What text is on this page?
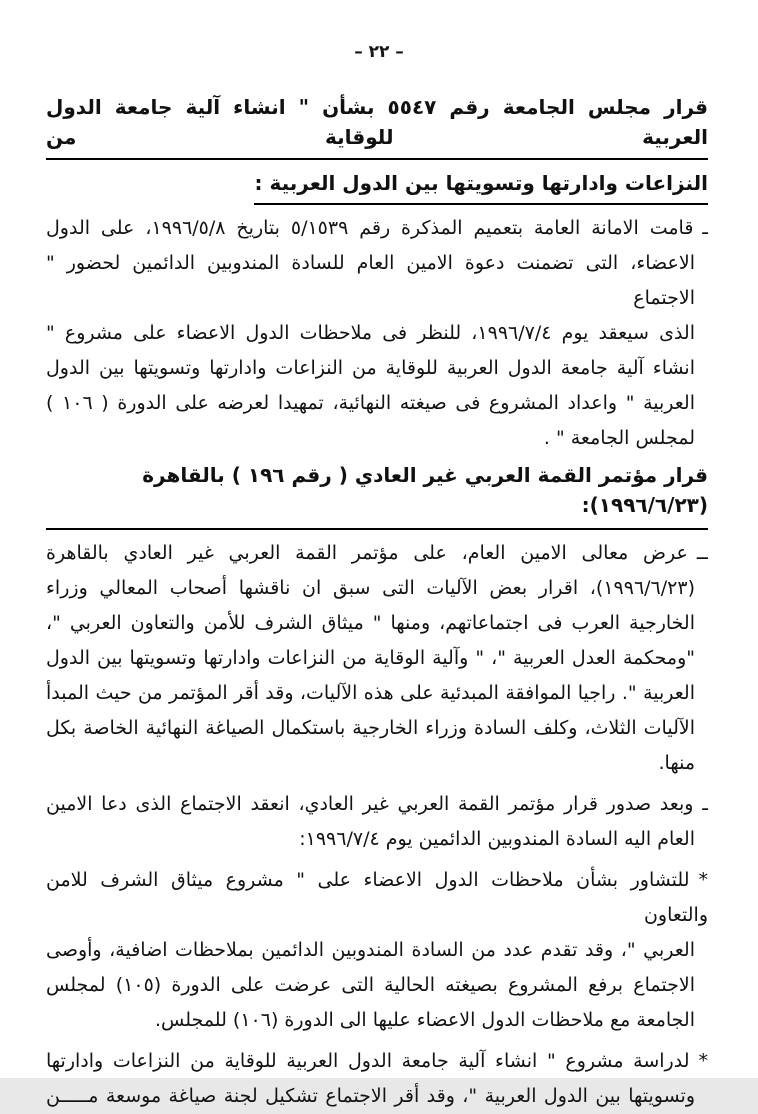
– ٢٢ –
قرار مجلس الجامعة رقم ٥٥٤٧ بشأن " انشاء آلية جامعة الدول العربية للوقاية من
النزاعات وادارتها وتسويتها بين الدول العربية :
ـقامت الامانة العامة بتعميم المذكرة رقم ٥/١٥٣٩ بتاريخ ١٩٩٦/٥/٨، على الدول
الاعضاء، التى تضمنت دعوة الامين العام للسادة المندوبين الدائمين لحضور " الاجتماع
الذى سيعقد يوم ١٩٩٦/٧/٤، للنظر فى ملاحظات الدول الاعضاء على مشروع "
انشاء آلية جامعة الدول العربية للوقاية من النزاعات وادارتها وتسويتها بين الدول
العربية " واعداد المشروع فى صيغته النهائية، تمهيدا لعرضه على الدورة ( ١٠٦ )
لمجلس الجامعة " .
قرار مؤتمر القمة العربي غير العادي ( رقم ١٩٦ ) بالقاهرة (١٩٩٦/٦/٢٣):
ــعرض معالى الامين العام، على مؤتمر القمة العربي غير العادي بالقاهرة
(١٩٩٦/٦/٢٣)، اقرار بعض الآليات التى سبق ان ناقشها أصحاب المعالي وزراء
الخارجية العرب فى اجتماعاتهم، ومنها " ميثاق الشرف للأمن والتعاون العربي "،
"ومحكمة العدل العربية "، " وآلية الوقاية من النزاعات وادارتها وتسويتها بين الدول
العربية ". راجيا الموافقة المبدئية على هذه الآليات، وقد أقر المؤتمر من حيث المبدأ
الآليات الثلاث، وكلف السادة وزراء الخارجية باستكمال الصياغة النهائية الخاصة بكل
منها.
ـوبعد صدور قرار مؤتمر القمة العربي غير العادي، انعقد الاجتماع الذى دعا الامين
العام اليه السادة المندوبين الدائمين يوم ١٩٩٦/٧/٤:
*للتشاور بشأن ملاحظات الدول الاعضاء على " مشروع ميثاق الشرف للامن والتعاون
العربي "، وقد تقدم عدد من السادة المندوبين الدائمين بملاحظات اضافية، وأوصى
الاجتماع برفع المشروع بصيغته الحالية التى عرضت على الدورة (١٠٥) لمجلس
الجامعة مع ملاحظات الدول الاعضاء عليها الى الدورة (١٠٦) للمجلس.
*لدراسة مشروع " انشاء آلية جامعة الدول العربية للوقاية من النزاعات وادارتها
وتسويتها بين الدول العربية "، وقد أقر الاجتماع تشكيل لجنة صياغة موسعة مـــــن
